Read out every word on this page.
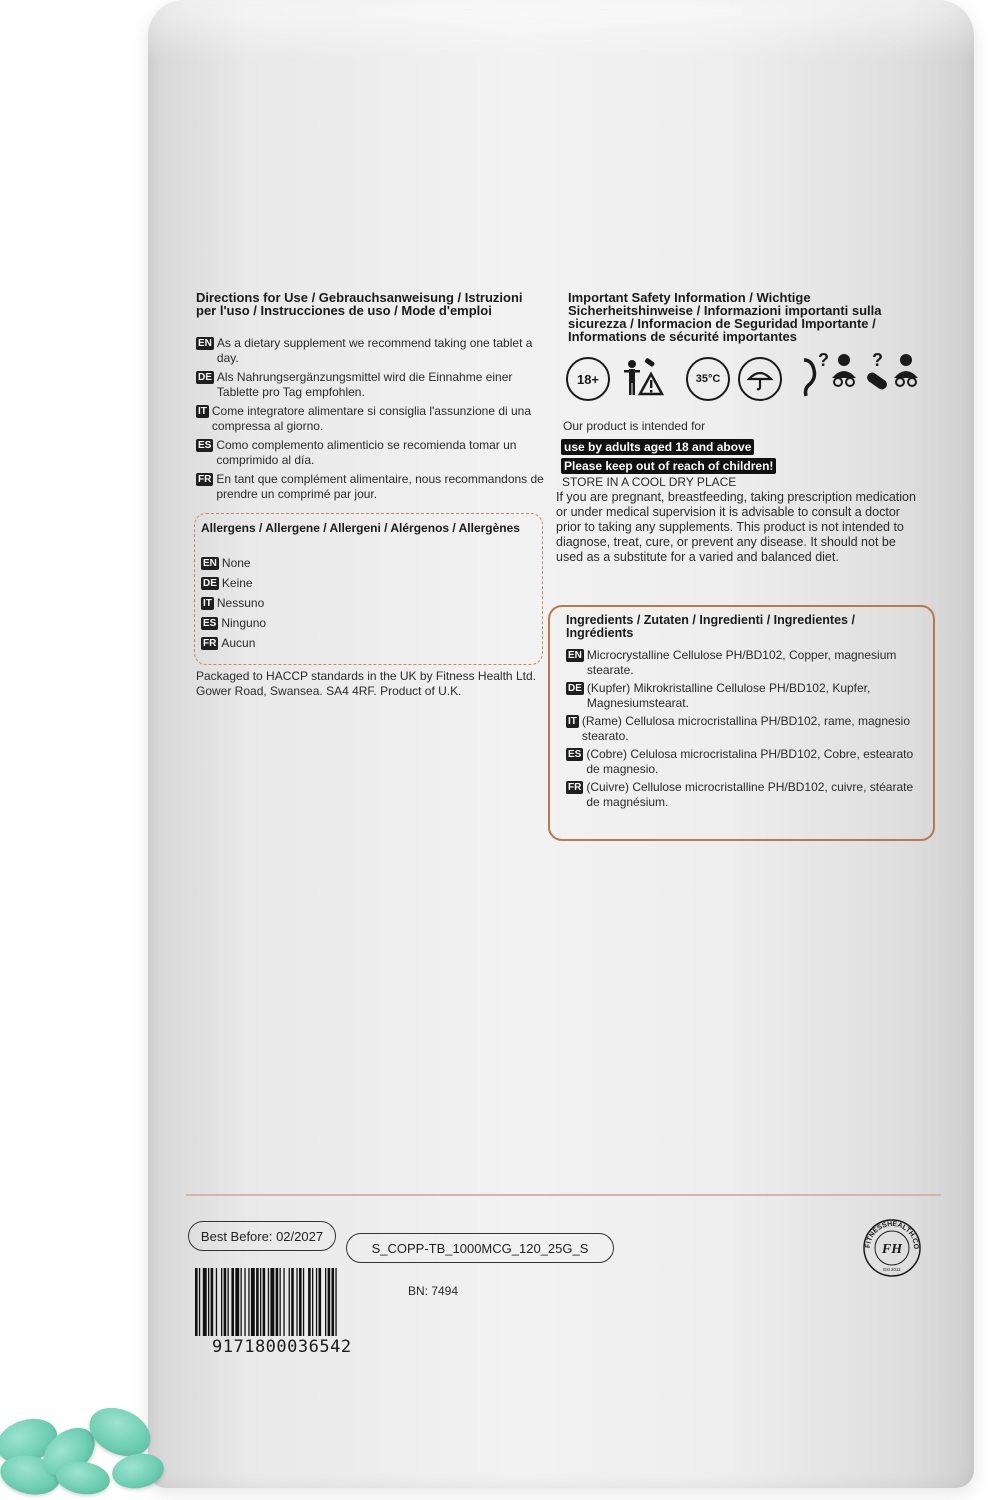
Directions for Use / Gebrauchsanweisung / Istruzioni per l'uso / Instrucciones de uso / Mode d'emploi
EN As a dietary supplement we recommend taking one tablet a day.
DE Als Nahrungsergänzungsmittel wird die Einnahme einer Tablette pro Tag empfohlen.
IT Come integratore alimentare si consiglia l'assunzione di una compressa al giorno.
ES Como complemento alimenticio se recomienda tomar un comprimido al día.
FR En tant que complément alimentaire, nous recommandons de prendre un comprimé par jour.
Allergens / Allergene / Allergeni / Alérgenos / Allergènes
EN None
DE Keine
IT Nessuno
ES Ninguno
FR Aucun
Packaged to HACCP standards in the UK by Fitness Health Ltd. Gower Road, Swansea. SA4 4RF. Product of U.K.
Important Safety Information / Wichtige Sicherheitshinweise / Informazioni importanti sulla sicurezza / Informacion de Seguridad Importante / Informations de sécurité importantes
18+	35°C
? ?
Our product is intended for
use by adults aged 18 and above
Please keep out of reach of children!
STORE IN A COOL DRY PLACE
If you are pregnant, breastfeeding, taking prescription medication or under medical supervision it is advisable to consult a doctor prior to taking any supplements. This product is not intended to diagnose, treat, cure, or prevent any disease. It should not be used as a substitute for a varied and balanced diet.
Ingredients / Zutaten / Ingredienti / Ingredientes / Ingrédients
EN Microcrystalline Cellulose PH/BD102, Copper, magnesium stearate.
DE (Kupfer) Mikrokristalline Cellulose PH/BD102, Kupfer, Magnesiumstearat.
IT (Rame) Cellulosa microcristallina PH/BD102, rame, magnesio stearato.
ES (Cobre) Celulosa microcristalina PH/BD102, Cobre, estearato de magnesio.
FR (Cuivre) Cellulose microcristalline PH/BD102, cuivre, stéarate de magnésium.
Best Before: 02/2027
S_COPP-TB_1000MCG_120_25G_S	FITNESSHEALTH.CO
FH
Est 2011
9171800036542
BN: 7494
